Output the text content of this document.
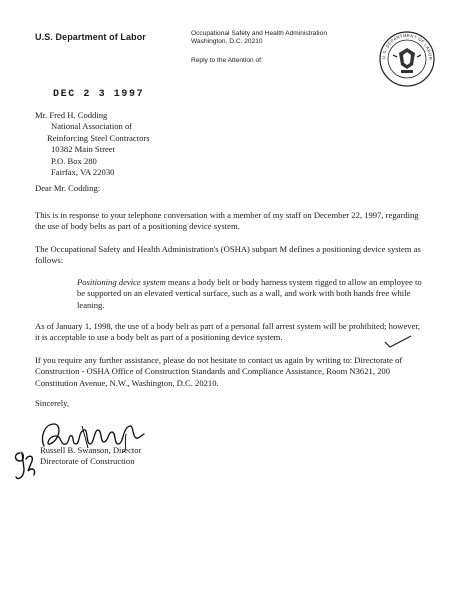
U.S. Department of Labor	Occupational Safety and Health Administration
Washington, D.C. 20210
Reply to the Attention of:	U.S. DEPARTMENT OF LABOR
DEC 2 3 1997
Mr. Fred H. Codding
National Association of
Reinforcing Steel Contractors
10382 Main Street
P.O. Box 280
Fairfax, VA 22030
Dear Mr. Codding:
This is in response to your telephone conversation with a member of my staff on December 22, 1997, regarding the use of body belts as part of a positioning device system.
The Occupational Safety and Health Administration's (OSHA) subpart M defines a positioning device system as follows:
Positioning device system means a body belt or body harness system rigged to allow an employee to be supported on an elevated vertical surface, such as a wall, and work with both hands free while leaning.
As of January 1, 1998, the use of a body belt as part of a personal fall arrest system will be prohibited; however, it is acceptable to use a body belt as part of a positioning device system.
If you require any further assistance, please do not hesitate to contact us again by writing to: Directorate of Construction - OSHA Office of Construction Standards and Compliance Assistance, Room N3621, 200 Constitution Avenue, N.W., Washington, D.C. 20210.
Sincerely,
Russell B. Swanson, Director
Directorate of Construction
